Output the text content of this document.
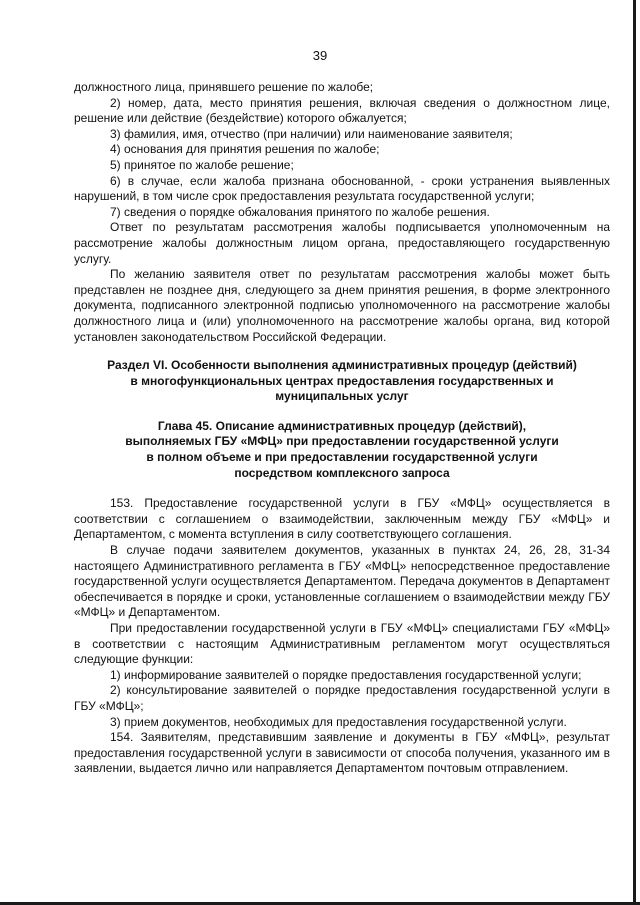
39

должностного лица, принявшего решение по жалобе;

2) номер, дата, место принятия решения, включая сведения о должностном лице, решение или действие (бездействие) которого обжалуется;

3) фамилия, имя, отчество (при наличии) или наименование заявителя;

4) основания для принятия решения по жалобе;

5) принятое по жалобе решение;

6) в случае, если жалоба признана обоснованной, - сроки устранения выявленных нарушений, в том числе срок предоставления результата государственной услуги;

7) сведения о порядке обжалования принятого по жалобе решения.

Ответ по результатам рассмотрения жалобы подписывается уполномоченным на рассмотрение жалобы должностным лицом органа, предоставляющего государственную услугу.

По желанию заявителя ответ по результатам рассмотрения жалобы может быть представлен не позднее дня, следующего за днем принятия решения, в форме электронного документа, подписанного электронной подписью уполномоченного на рассмотрение жалобы должностного лица и (или) уполномоченного на рассмотрение жалобы органа, вид которой установлен законодательством Российской Федерации.

Раздел VI. Особенности выполнения административных процедур (действий)

в многофункциональных центрах предоставления государственных и

муниципальных услуг

Глава 45. Описание административных процедур (действий),

выполняемых ГБУ «МФЦ» при предоставлении государственной услуги

в полном объеме и при предоставлении государственной услуги

посредством комплексного запроса

153. Предоставление государственной услуги в ГБУ «МФЦ» осуществляется в соответствии с соглашением о взаимодействии, заключенным между ГБУ «МФЦ» и Департаментом, с момента вступления в силу соответствующего соглашения.

В случае подачи заявителем документов, указанных в пунктах 24, 26, 28, 31-34 настоящего Административного регламента в ГБУ «МФЦ» непосредственное предоставление государственной услуги осуществляется Департаментом. Передача документов в Департамент обеспечивается в порядке и сроки, установленные соглашением о взаимодействии между ГБУ «МФЦ» и Департаментом.

При предоставлении государственной услуги в ГБУ «МФЦ» специалистами ГБУ «МФЦ» в соответствии с настоящим Административным регламентом могут осуществляться следующие функции:

1) информирование заявителей о порядке предоставления государственной услуги;

2) консультирование заявителей о порядке предоставления государственной услуги в ГБУ «МФЦ»;

3) прием документов, необходимых для предоставления государственной услуги.

154. Заявителям, представившим заявление и документы в ГБУ «МФЦ», результат предоставления государственной услуги в зависимости от способа получения, указанного им в заявлении, выдается лично или направляется Департаментом почтовым отправлением.
